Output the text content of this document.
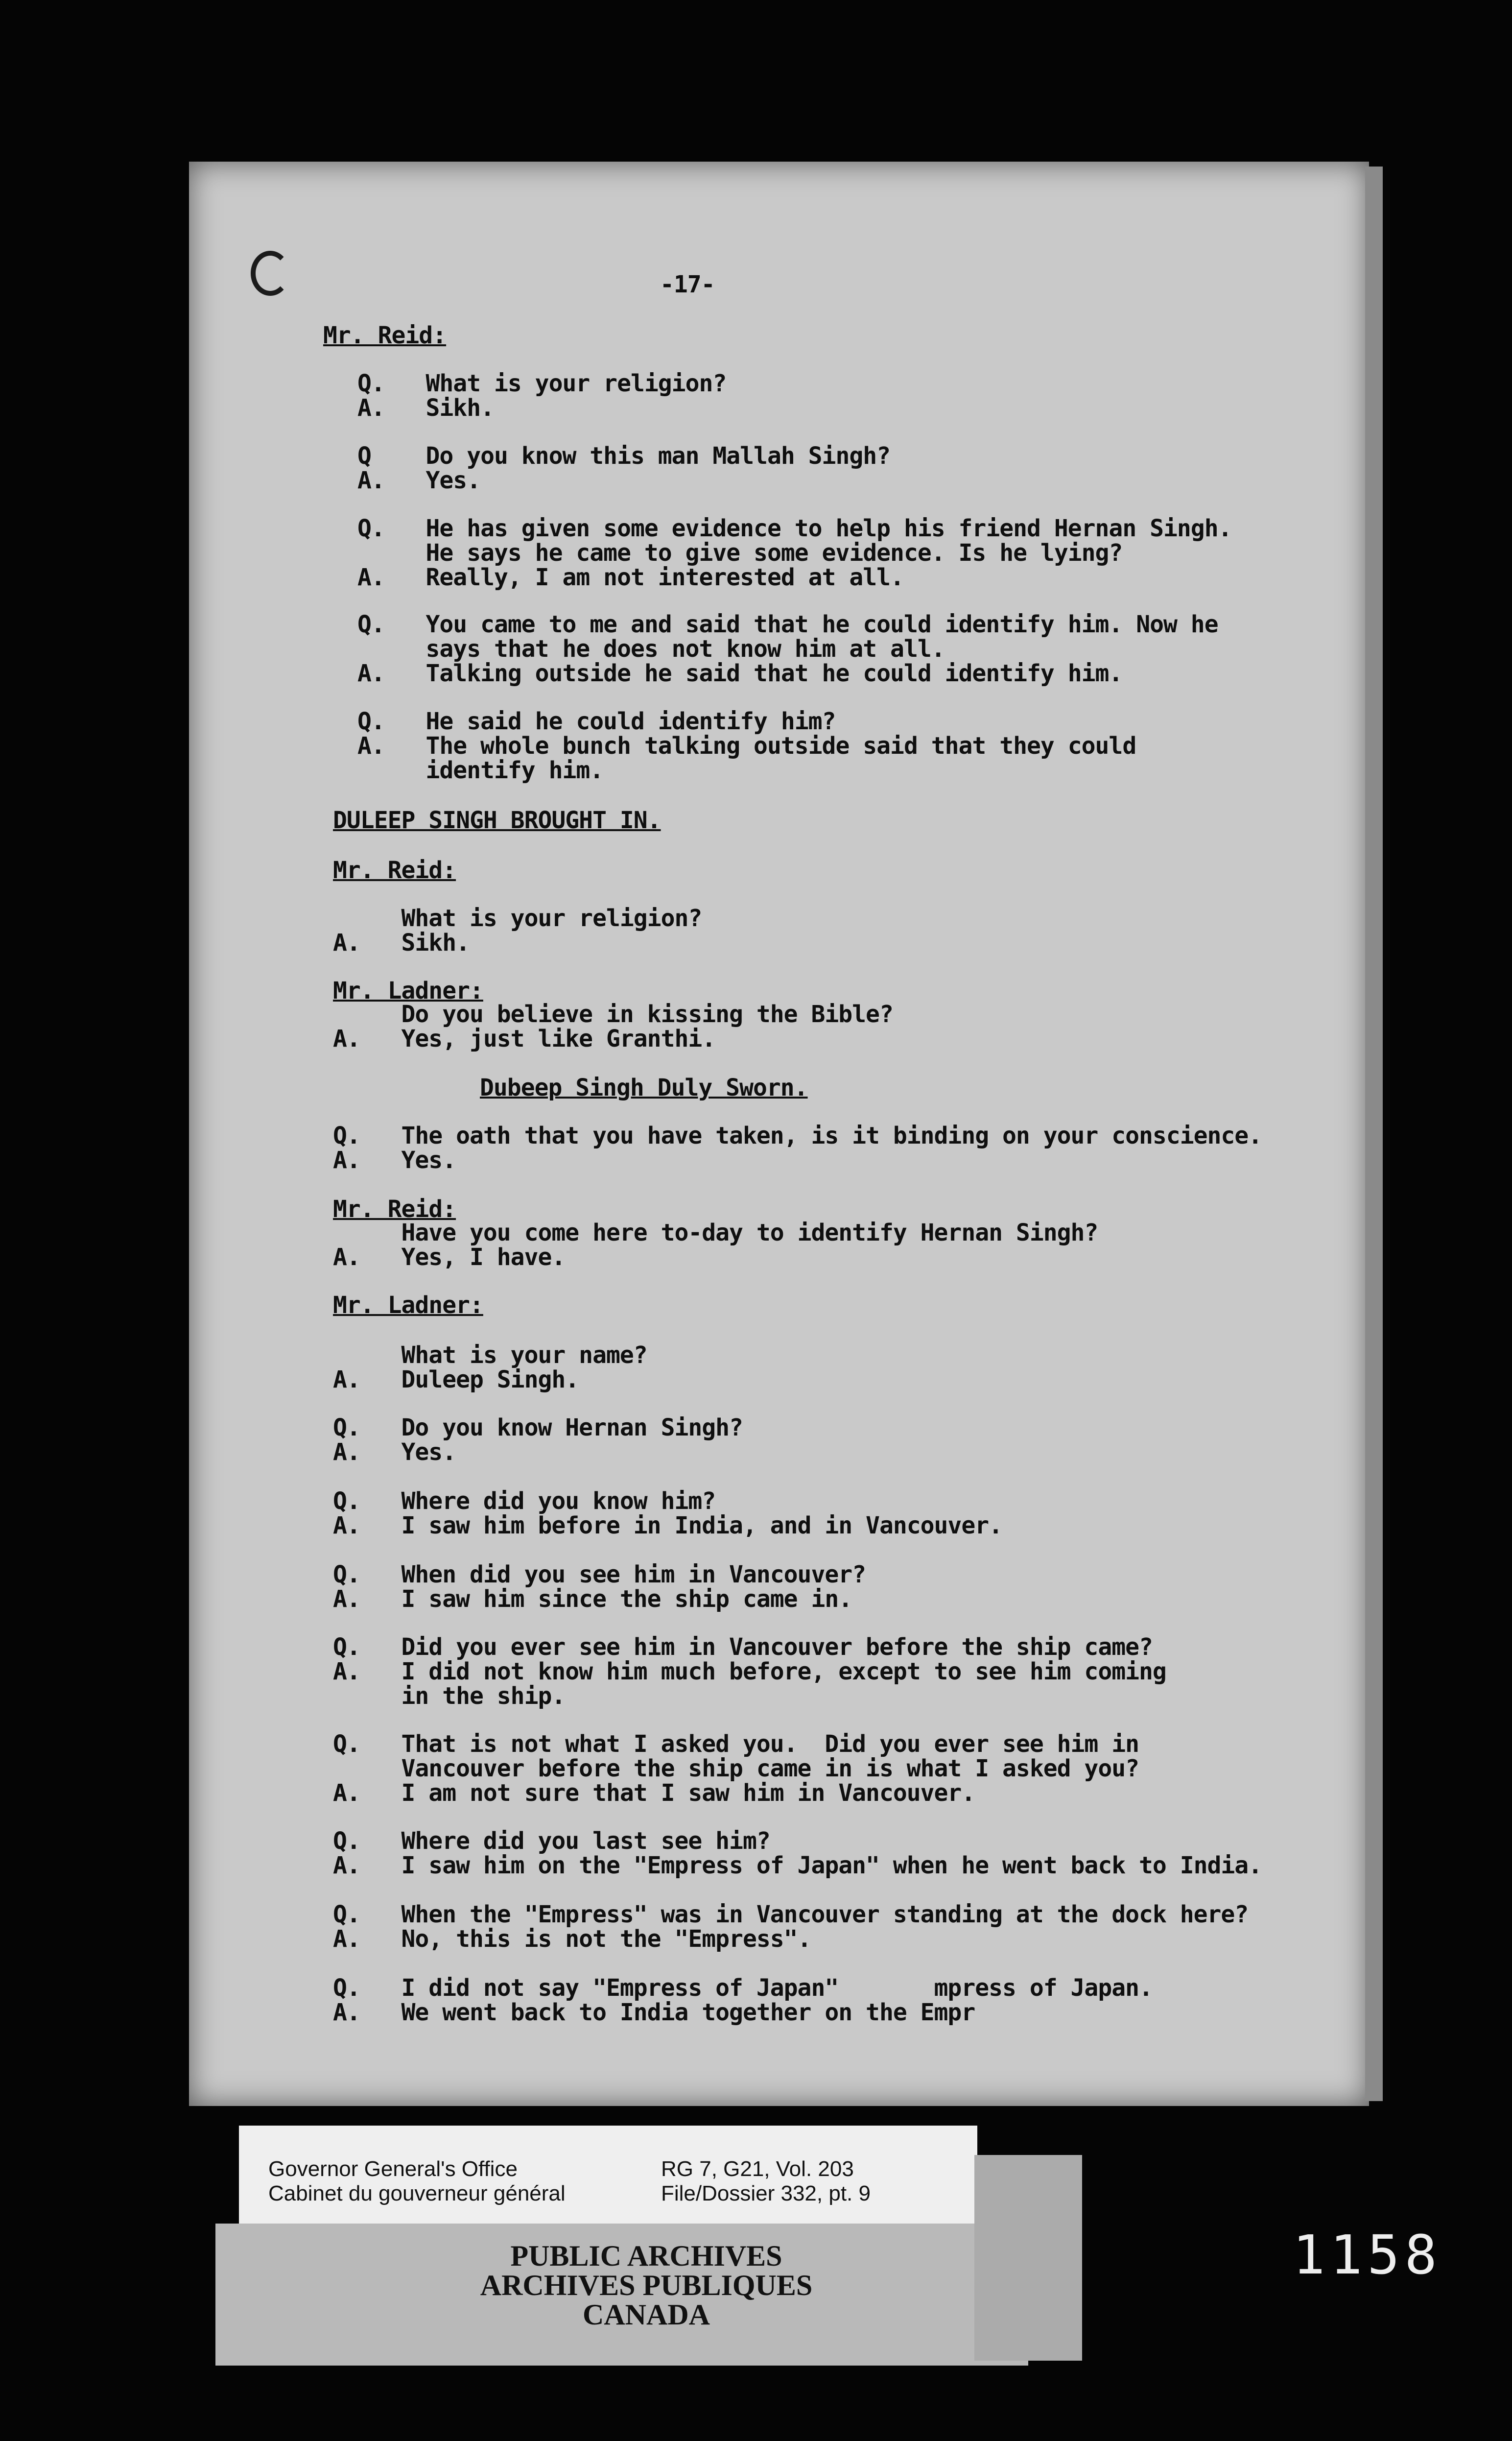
-17-
Mr. Reid:
Q.   What is your religion?
A.   Sikh.
Q    Do you know this man Mallah Singh?
A.   Yes.
Q.   He has given some evidence to help his friend Hernan Singh.
He says he came to give some evidence. Is he lying?
A.   Really, I am not interested at all.
Q.   You came to me and said that he could identify him. Now he
says that he does not know him at all.
A.   Talking outside he said that he could identify him.
Q.   He said he could identify him?
A.   The whole bunch talking outside said that they could
identify him.
DULEEP SINGH BROUGHT IN.
Mr. Reid:
What is your religion?
A.   Sikh.
Mr. Ladner:
Do you believe in kissing the Bible?
A.   Yes, just like Granthi.
Dubeep Singh Duly Sworn.
Q.   The oath that you have taken, is it binding on your conscience.
A.   Yes.
Mr. Reid:
Have you come here to-day to identify Hernan Singh?
A.   Yes, I have.
Mr. Ladner:
What is your name?
A.   Duleep Singh.
Q.   Do you know Hernan Singh?
A.   Yes.
Q.   Where did you know him?
A.   I saw him before in India, and in Vancouver.
Q.   When did you see him in Vancouver?
A.   I saw him since the ship came in.
Q.   Did you ever see him in Vancouver before the ship came?
A.   I did not know him much before, except to see him coming
in the ship.
Q.   That is not what I asked you.  Did you ever see him in
Vancouver before the ship came in is what I asked you?
A.   I am not sure that I saw him in Vancouver.
Q.   Where did you last see him?
A.   I saw him on the "Empress of Japan" when he went back to India.
Q.   When the "Empress" was in Vancouver standing at the dock here?
A.   No, this is not the "Empress".
Q.   I did not say "Empress of Japan"       mpress of Japan.
A.   We went back to India together on the Empr
Governor General's Office
Cabinet du gouverneur général
RG 7, G21, Vol. 203
File/Dossier 332, pt. 9
PUBLIC ARCHIVES
ARCHIVES PUBLIQUES
CANADA
1158
